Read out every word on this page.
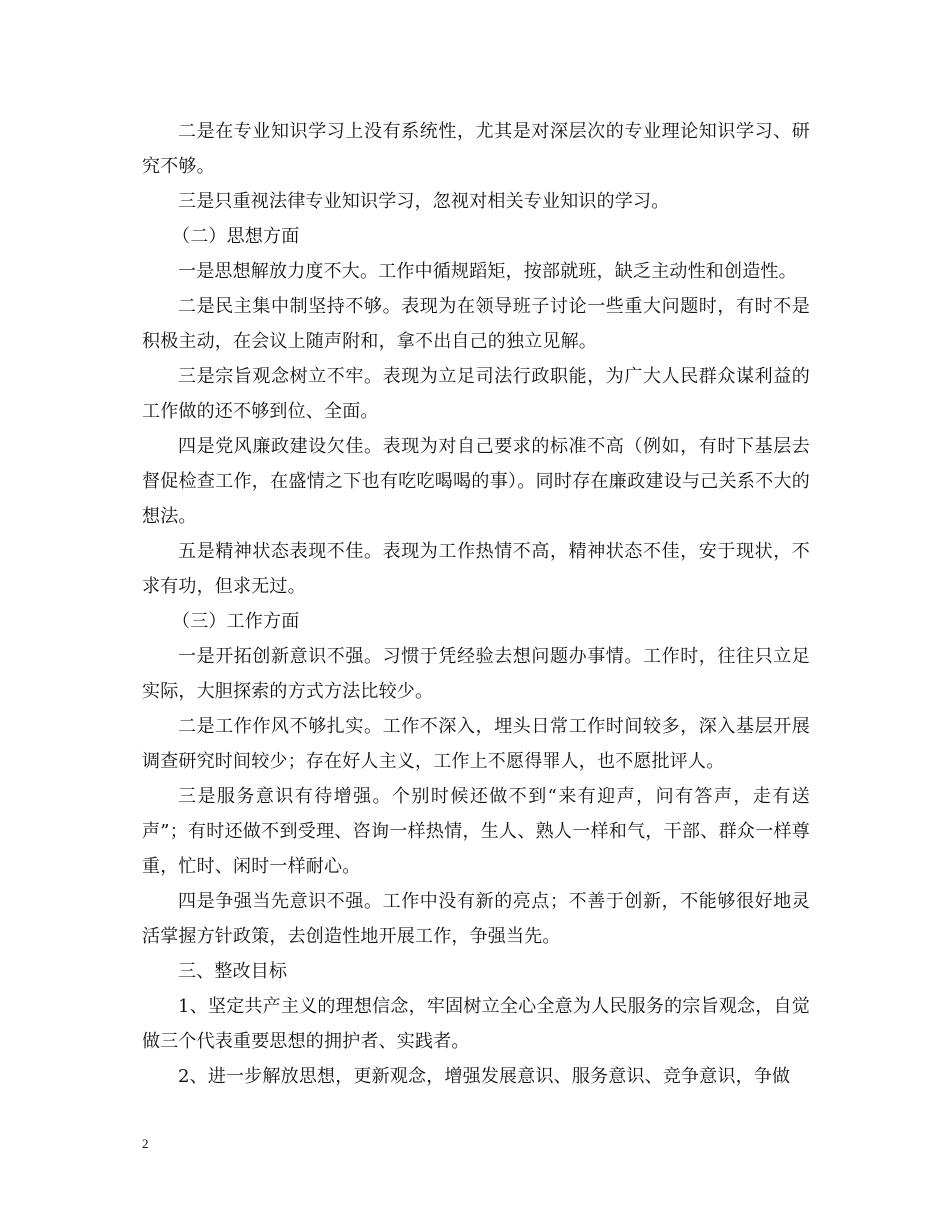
二是在专业知识学习上没有系统性，尤其是对深层次的专业理论知识学习、研究不够。

三是只重视法律专业知识学习，忽视对相关专业知识的学习。

（二）思想方面

一是思想解放力度不大。工作中循规蹈矩，按部就班，缺乏主动性和创造性。

二是民主集中制坚持不够。表现为在领导班子讨论一些重大问题时，有时不是积极主动，在会议上随声附和，拿不出自己的独立见解。

三是宗旨观念树立不牢。表现为立足司法行政职能，为广大人民群众谋利益的工作做的还不够到位、全面。

四是党风廉政建设欠佳。表现为对自己要求的标准不高（例如，有时下基层去督促检查工作，在盛情之下也有吃吃喝喝的事）。同时存在廉政建设与己关系不大的想法。

五是精神状态表现不佳。表现为工作热情不高，精神状态不佳，安于现状，不求有功，但求无过。

（三）工作方面

一是开拓创新意识不强。习惯于凭经验去想问题办事情。工作时，往往只立足实际，大胆探索的方式方法比较少。

二是工作作风不够扎实。工作不深入，埋头日常工作时间较多，深入基层开展调查研究时间较少；存在好人主义，工作上不愿得罪人，也不愿批评人。

三是服务意识有待增强。个别时候还做不到“来有迎声，问有答声，走有送声”；有时还做不到受理、咨询一样热情，生人、熟人一样和气，干部、群众一样尊重，忙时、闲时一样耐心。

四是争强当先意识不强。工作中没有新的亮点；不善于创新，不能够很好地灵活掌握方针政策，去创造性地开展工作，争强当先。

三、整改目标

1、坚定共产主义的理想信念，牢固树立全心全意为人民服务的宗旨观念，自觉做三个代表重要思想的拥护者、实践者。

2、进一步解放思想，更新观念，增强发展意识、服务意识、竞争意识，争做

2
